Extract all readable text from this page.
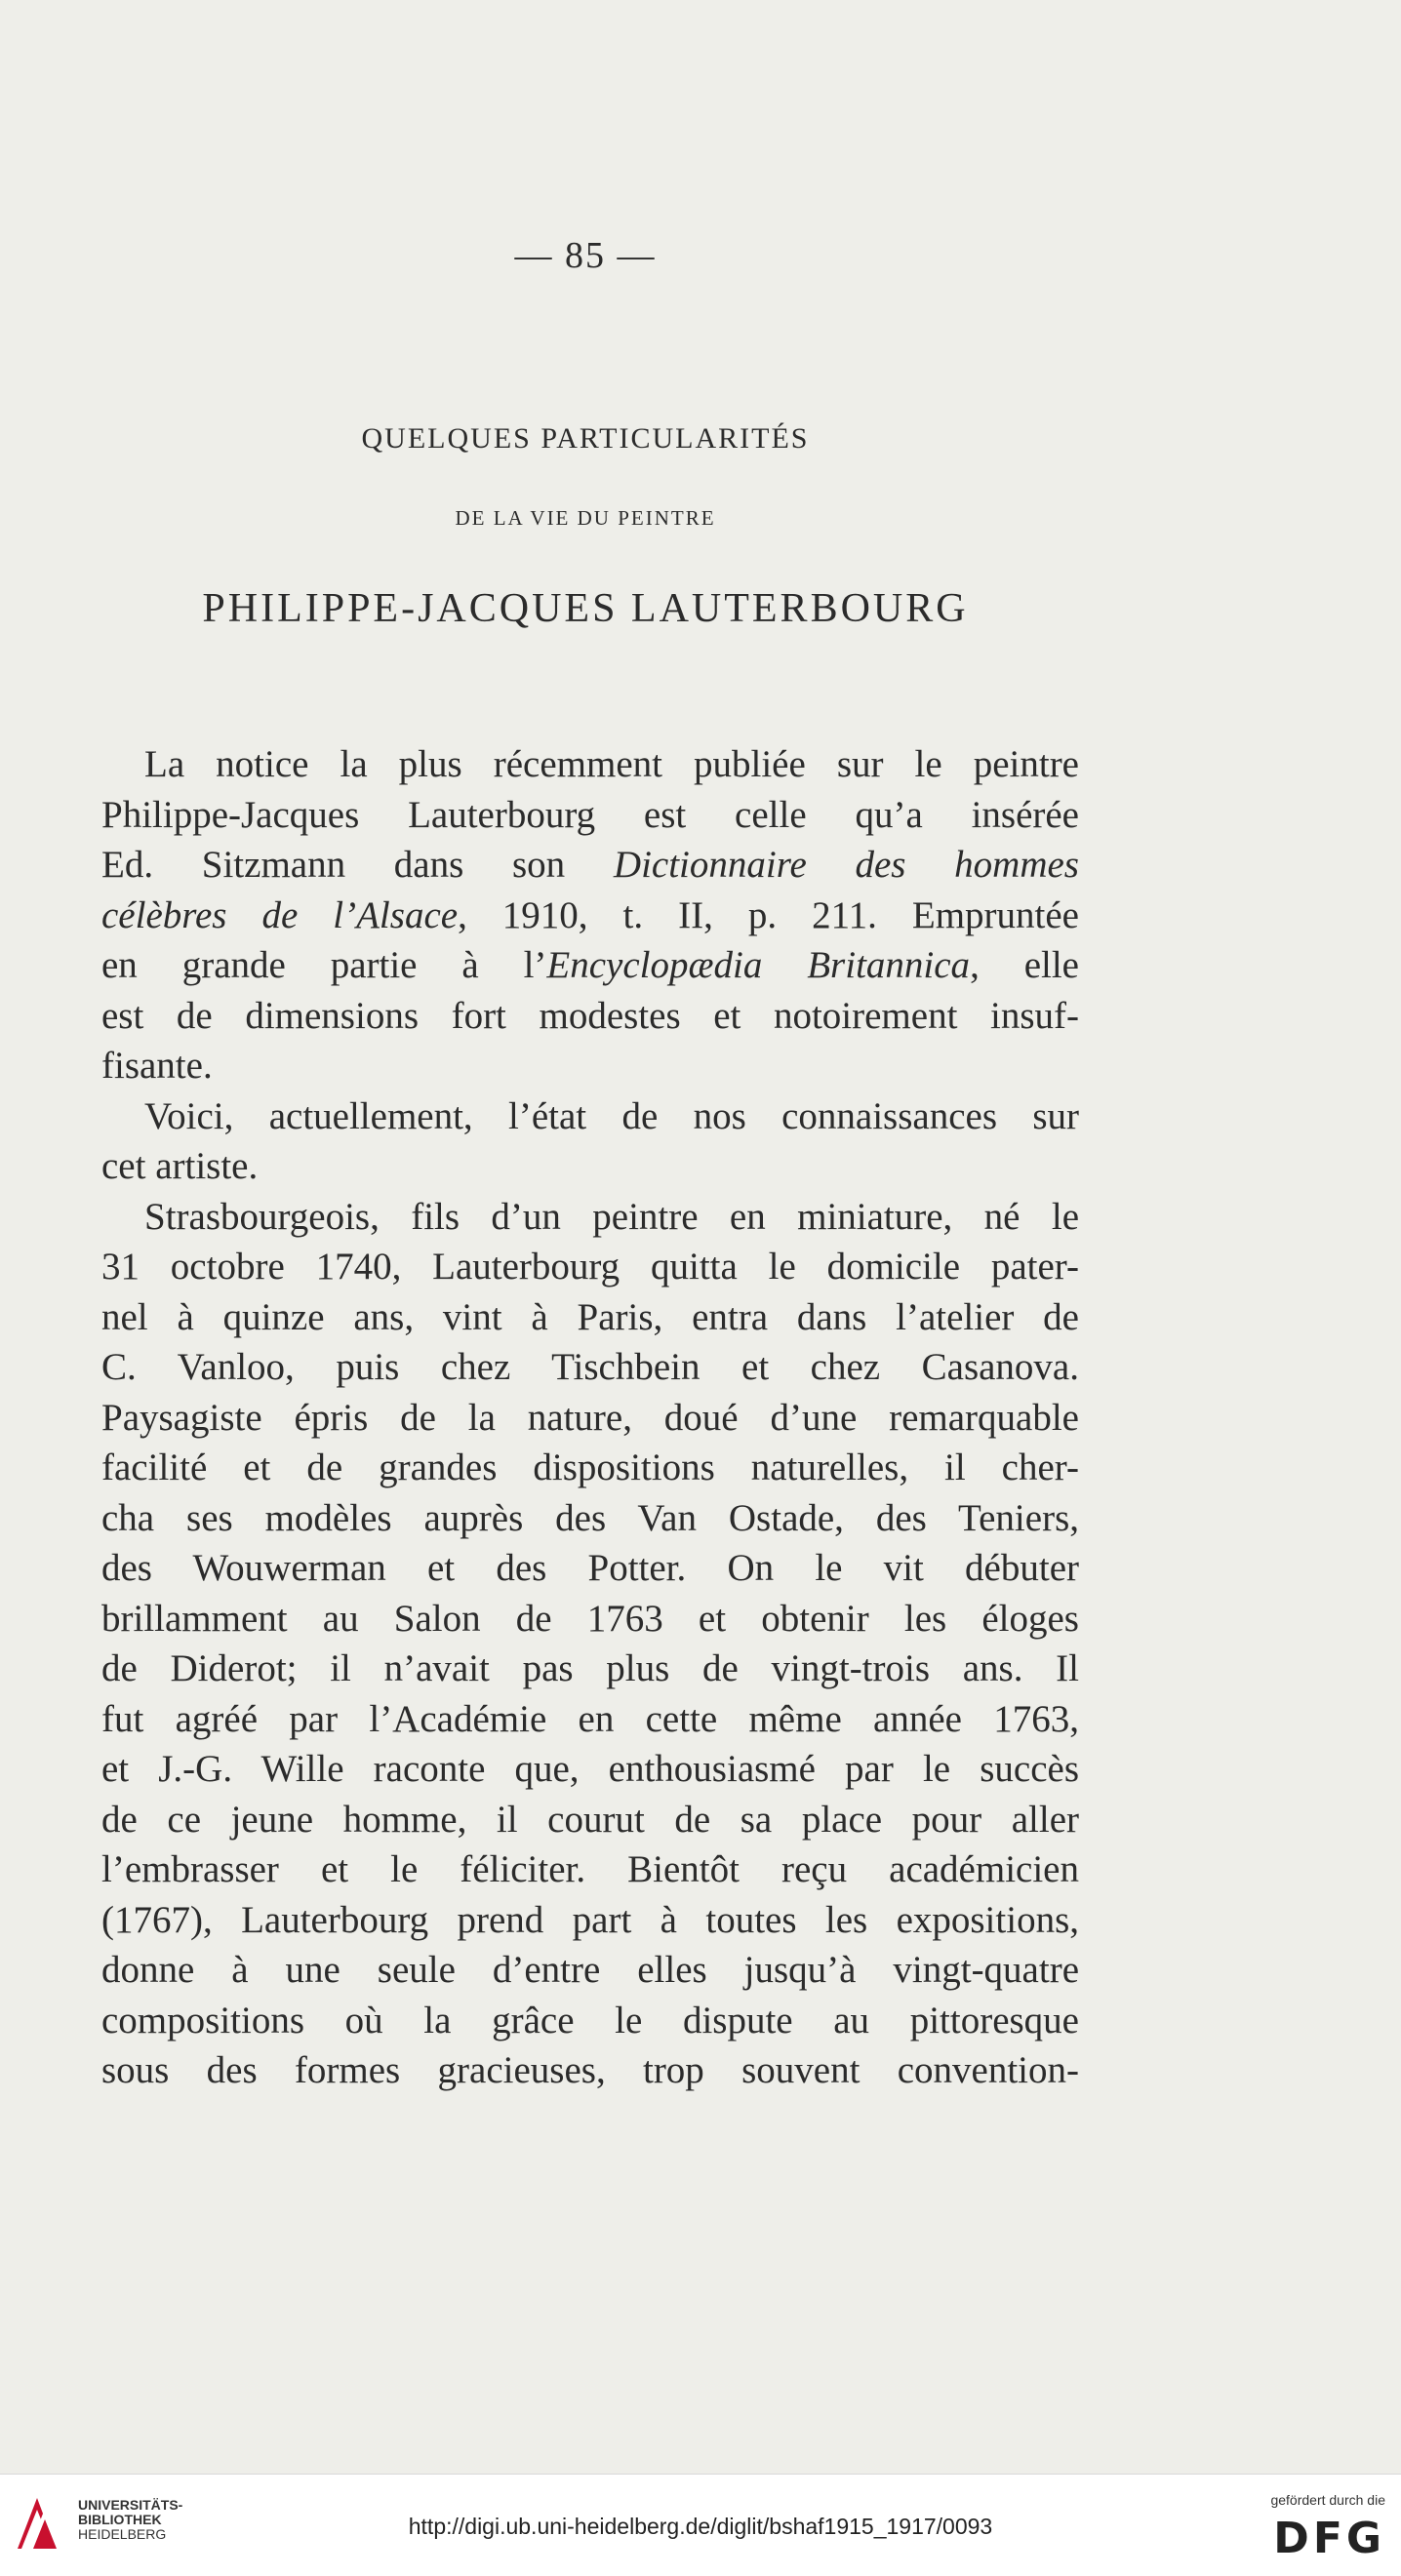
— 85 —
QUELQUES PARTICULARITÉS
DE LA VIE DU PEINTRE
PHILIPPE-JACQUES LAUTERBOURG
La notice la plus récemment publiée sur le peintre
Philippe-Jacques Lauterbourg est celle qu’a insérée
Ed. Sitzmann dans son Dictionnaire des hommes
célèbres de l’Alsace, 1910, t. II, p. 211. Empruntée
en grande partie à l’Encyclopædia Britannica, elle
est de dimensions fort modestes et notoirement insuf-
fisante.
Voici, actuellement, l’état de nos connaissances sur
cet artiste.
Strasbourgeois, fils d’un peintre en miniature, né le
31 octobre 1740, Lauterbourg quitta le domicile pater-
nel à quinze ans, vint à Paris, entra dans l’atelier de
C. Vanloo, puis chez Tischbein et chez Casanova.
Paysagiste épris de la nature, doué d’une remarquable
facilité et de grandes dispositions naturelles, il cher-
cha ses modèles auprès des Van Ostade, des Teniers,
des Wouwerman et des Potter. On le vit débuter
brillamment au Salon de 1763 et obtenir les éloges
de Diderot; il n’avait pas plus de vingt-trois ans. Il
fut agréé par l’Académie en cette même année 1763,
et J.-G. Wille raconte que, enthousiasmé par le succès
de ce jeune homme, il courut de sa place pour aller
l’embrasser et le féliciter. Bientôt reçu académicien
(1767), Lauterbourg prend part à toutes les expositions,
donne à une seule d’entre elles jusqu’à vingt-quatre
compositions où la grâce le dispute au pittoresque
sous des formes gracieuses, trop souvent convention-
UNIVERSITÄTS-
BIBLIOTHEK
HEIDELBERG	http://digi.ub.uni-heidelberg.de/diglit/bshaf1915_1917/0093
gefördert durch die
DFG
